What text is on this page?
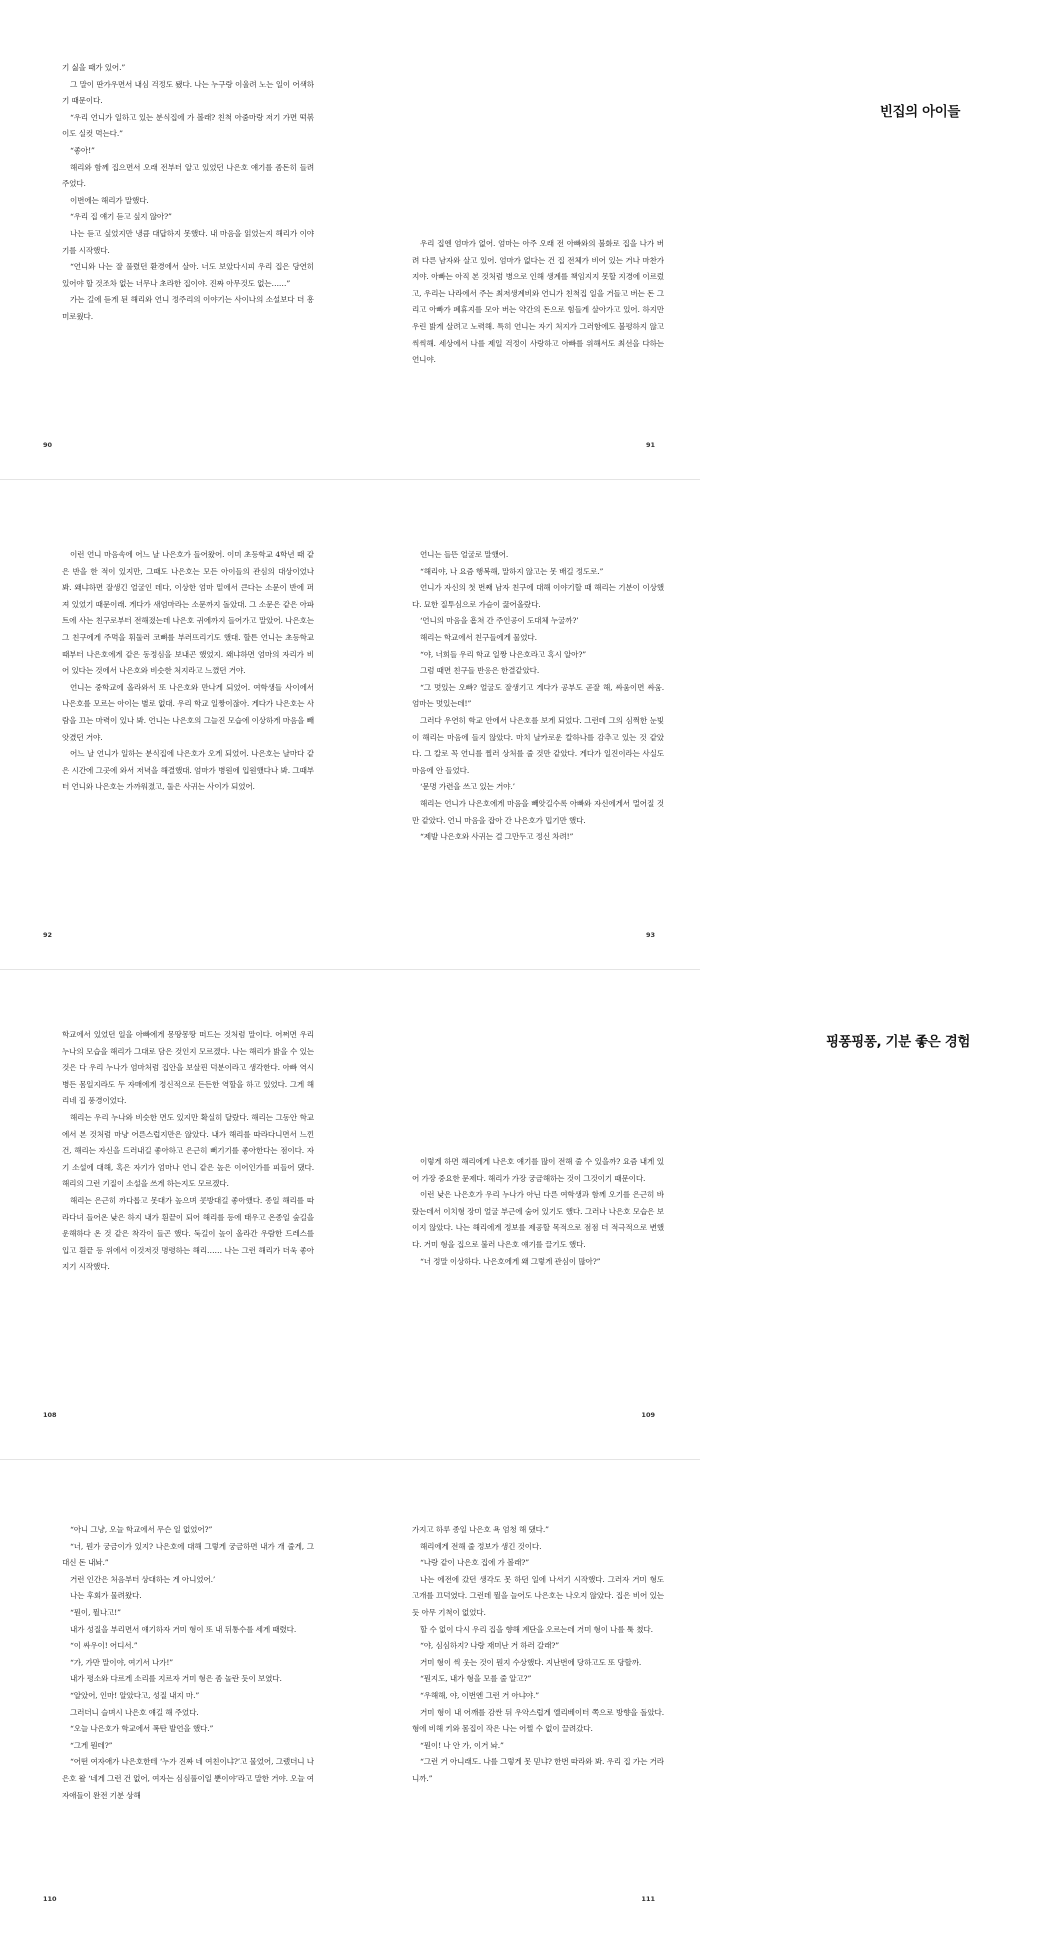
기 싫을 때가 있어.”

그 말이 딴가우면서 내심 걱정도 됐다. 나는 누구랑 이울려 노는 일이 어색하기 때문이다.

“우리 언니가 일하고 있는 분식집에 가 볼래? 친척 아줌마랑 저기 가면 떡볶이도 실컷 먹는다.”

“좋아!”

해리와 함께 집으면서 오래 전부터 알고 있었던 나은호 얘기를 좀돈히 들려주었다.

이번에는 해리가 말했다.

“우리 집 얘기 듣고 싶지 않아?”

나는 듣고 싶었지만 냉큼 대답하지 못했다. 내 마음을 읽었는지 해리가 이야기를 시작했다.

“언니와 나는 잘 풀렸던 환경에서 살아. 너도 보았다시피 우리 집은 당연히 있어야 할 것조차 없는 너무나 초라한 집이야. 진짜 아무것도 없는……”

가는 길에 듣게 된 해리와 언니 정주리의 이야기는 사이나의 소설보다 더 흥미로웠다.

90
빈집의 아이들

우리 집엔 엄마가 없어. 엄마는 아주 오래 전 아빠와의 불화로 집을 나가 버려 다른 남자와 살고 있어. 엄마가 없다는 건 집 전체가 비어 있는 거나 마찬가지야. 아빠는 아직 본 것처럼 병으로 인해 생계를 책임지지 못할 지경에 이르렀고, 우리는 나라에서 주는 최저생계비와 언니가 친척집 일을 거들고 버는 돈 그리고 아빠가 폐휴지를 모아 버는 약간의 돈으로 힘들게 살아가고 있어. 하지만 우린 밝게 살려고 노력해. 특히 언니는 자기 처지가 그러함에도 불평하지 않고 씩씩해. 세상에서 나를 제일 걱정이 사랑하고 아빠를 위해서도 최선을 다하는 언니야.

91

이런 언니 마음속에 어느 날 나은호가 들어왔어. 이미 초등학교 4학년 때 같은 반을 한 적이 있지만, 그때도 나은호는 모든 아이들의 관심의 대상이었나 봐. 왜냐하면 잘생긴 얼굴인 데다, 이상한 엄마 밑에서 큰다는 소문이 반에 퍼져 있었기 때문이래. 게다가 새엄마라는 소문까지 돌았대. 그 소문은 같은 아파트에 사는 친구로부터 전해졌는데 나은호 귀에까지 들어가고 말았어. 나은호는 그 친구에게 주먹을 휘둘러 코뼈를 부러뜨리기도 했대. 할튼 언니는 초등학교 때부터 나은호에게 같은 동정심을 보내곤 했었지. 왜냐하면 엄마의 자리가 비어 있다는 것에서 나은호와 비슷한 처지라고 느꼈던 거야.

언니는 중학교에 올라와서 또 나은호와 만나게 되었어. 여학생들 사이에서 나은호를 모르는 아이는 별로 없대. 우리 학교 일짱이잖아. 게다가 나은호는 사람을 끄는 마력이 있나 봐. 언니는 나은호의 그늘진 모습에 이상하게 마음을 빼앗겼던 거야.

어느 날 언니가 일하는 분식집에 나은호가 오게 되었어. 나은호는 날마다 같은 시간에 그곳에 와서 저녁을 해결했대. 엄마가 병원에 입원했다나 봐. 그때부터 언니와 나은호는 가까워졌고, 둘은 사귀는 사이가 되었어.

92

언니는 들뜬 얼굴로 말했어.

“해리야, 나 요즘 행복해, 말하지 않고는 못 배길 정도로.”

언니가 자신의 첫 번째 남자 친구에 대해 이야기할 때 해리는 기분이 이상했다. 묘한 질투심으로 가슴이 끓어올랐다.

‘언니의 마음을 흠쳐 간 주인공이 도대체 누굴까?’

해리는 학교에서 친구들에게 물었다.

“야, 너희들 우리 학교 일짱 나은호라고 혹시 알아?”

그럼 때면 친구들 반응은 한결같았다.

“그 멋있는 오빠? 얼굴도 잘생기고 게다가 공부도 곧잘 해, 싸움이면 싸움. 엄마는 멋있는데!”

그러다 우연히 학교 안에서 나은호를 보게 되었다. 그런데 그의 심쩍한 눈빛이 해리는 마음에 들지 않았다. 마치 날카로운 칼하나를 감추고 있는 것 같았다. 그 칼로 꼭 언니를 찔러 상처를 줄 것만 같았다. 게다가 일진이라는 사실도 마음에 안 들었다.

‘문명 가련을 쓰고 있는 거야.’

해리는 언니가 나은호에게 마음을 빼앗길수록 아빠와 자신에게서 멀어질 것만 같았다. 언니 마음을 잡아 간 나은호가 밉기만 했다.

“제발 나은호와 사귀는 걸 그만두고 정신 차려!”

93

학교에서 있었던 일을 아빠에게 몽땅몽땅 떠드는 것처럼 말이다. 어쩌면 우리 누나의 모습을 해리가 그대로 담은 것인지 모르겠다. 나는 해리가 밝을 수 있는 것은 다 우리 누나가 엄마처럼 집안을 보살핀 덕분이라고 생각한다. 아빠 역시 병든 몸일지라도 두 자매에게 정신적으로 든든한 역할을 하고 있었다. 그게 해리네 집 풍경이었다.

해리는 우리 누나와 비슷한 면도 있지만 확실히 달랐다. 해리는 그동안 학교에서 본 것처럼 마냥 어른스럽지만은 않았다. 내가 해리를 따라다니면서 느낀 건, 해리는 자신을 드러내길 좋아하고 은근히 뻐기기를 좋아한다는 점이다. 자기 소설에 대해, 혹은 자기가 엄마나 언니 같은 높은 이어인가를 피들어 댔다. 해리의 그런 기질이 소설을 쓰게 하는지도 모르겠다.

해리는 은근히 까다롭고 못대가 높으며 콧방대길 좋아했다. 종일 해리를 따라다녀 들어온 낮은 하지 내가 흰끝이 되어 해리를 등에 태우고 온종일 숲길을 운해하다 온 것 같은 착각이 들곤 했다. 둑길이 높이 올라간 우람한 드레스를 입고 흰끝 등 위에서 이것저것 명령하는 해리…… 나는 그런 해리가 더욱 좋아지기 시작했다.

108
핑퐁핑퐁, 기분 좋은 경험

이렇게 하면 해리에게 나은호 얘기를 많이 전해 줄 수 있을까? 요즘 내게 있어 가장 중요한 문제다. 해리가 가장 궁금해하는 것이 그것이기 때문이다.

이런 낮은 나은호가 우리 누나가 아닌 다른 여학생과 함께 오기를 은근히 바랐는데서 이치형 장미 얼굴 부근에 숨어 있기도 했다. 그러나 나은호 모습은 보이지 않았다. 나는 해리에게 정보를 제공할 목적으로 점점 더 적극적으로 변했다. 거미 형을 집으로 불러 나은호 얘기를 끌기도 했다.

“너 정말 이상하다. 나은호에게 왜 그렇게 관심이 많아?”

109

“아니 그냥, 오늘 학교에서 무슨 일 없었어?”

“너, 뭔가 궁금이가 있지? 나은호에 대해 그렇게 궁금하면 내가 개 줄게, 그 대신 돈 내놔.”

거런 인간은 처음부터 상대하는 게 아니었어.’

나는 후회가 물려왔다.

“뭔이, 뭘나고!”

내가 성질을 부리면서 얘기하자 거미 형이 또 내 뒤통수를 세게 때렸다.

“이 싸우이! 어디서.”

“가, 가만 말이야, 여기서 나가!”

내가 평소와 다르게 소리를 지르자 거미 형은 좀 놀란 듯이 보였다.

“알았어, 인마! 알았다고, 성질 내지 마.”

그러더니 슬며시 나은호 얘길 해 주었다.

“오늘 나은호가 학교에서 폭탄 발언을 했다.”

“그게 뭔데?”

“어떤 여자애가 나은호한테 ‘누가 진짜 네 여친이냐?’고 물었어, 그랬더니 나은호 왈 ‘네게 그런 건 없어, 여자는 심심풀이일 뿐이야’라고 말한 거야. 오늘 여자애들이 완전 기분 상해

110

가지고 하루 종일 나은호 욕 엄청 해 댔다.”

해리에게 전해 줄 정보가 생긴 것이다.

“나랑 같이 나은호 집에 가 볼래?”

나는 에전에 갔던 생각도 못 하던 일에 나서기 시작했다. 그러자 거미 형도 고개를 끄덕였다. 그런데 뭘을 늘어도 나은호는 나오지 않았다. 집은 비어 있는 듯 아무 기척이 없었다.

할 수 없이 다시 우리 집을 향해 계단을 오르는데 거미 형이 나를 툭 쳤다.

“야, 심심하지? 나랑 재미난 거 하러 갈래?”

거미 형이 씩 웃는 것이 뭔지 수상했다. 지난번에 당하고도 또 당할까.

“뭔지도, 내가 형을 모를 줄 알고?”

“우해해, 야, 이번엔 그런 거 아냐야.”

거미 형이 내 어깨를 감싼 뒤 우악스럽게 엘리베이터 쪽으로 방향을 돌았다. 형에 비해 키와 몸집이 작은 나는 어쩔 수 없이 끌려갔다.

“뭔이! 나 안 가, 이거 놔.”

“그런 거 아니래도. 나를 그렇게 못 믿냐? 한번 따라와 봐. 우리 집 가는 거라니까.”

111
